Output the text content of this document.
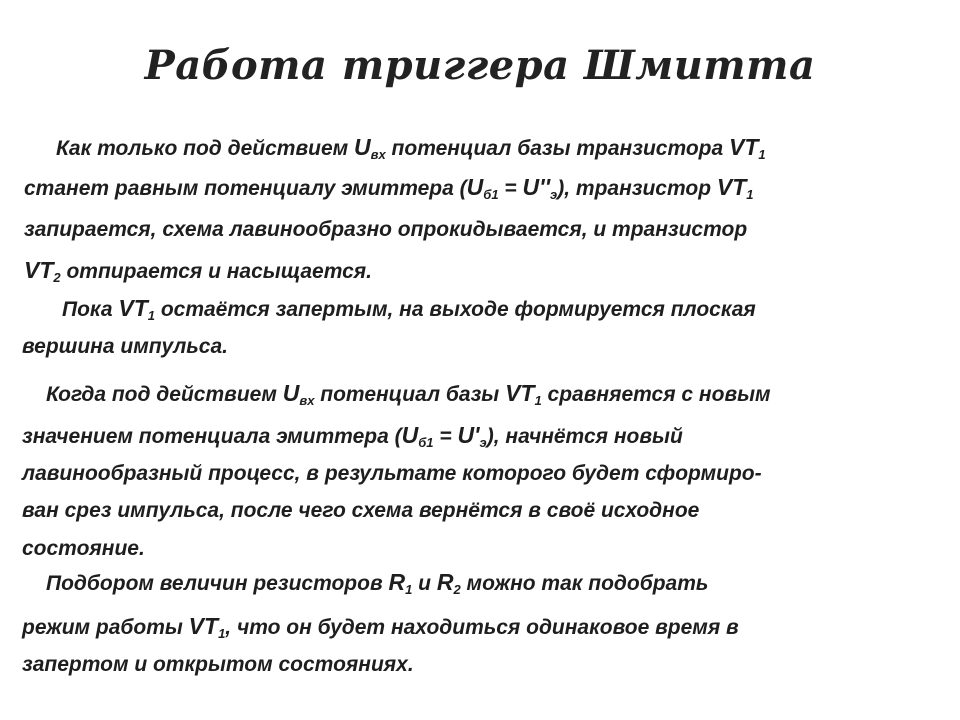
Работа триггера Шмитта
Как только под действием $U_{вх}$ потенциал базы транзистора $VT_1$
станет равным потенциалу эмиттера $(U_{б1} = U''_э)$, транзистор $VT_1$
запирается, схема лавинообразно опрокидывается, и транзистор
$VT_2$ отпирается и насыщается.
Пока $VT_1$ остаётся запертым, на выходе формируется плоская
вершина импульса.
Когда под действием $U_{вх}$ потенциал базы $VT_1$ сравняется с новым
значением потенциала эмиттера $(U_{б1} = U'_э)$, начнётся новый
лавинообразный процесс, в результате которого будет сформиро-
ван срез импульса, после чего схема вернётся в своё исходное
состояние.
Подбором величин резисторов $R_1$ и $R_2$ можно так подобрать
режим работы $VT_1$, что он будет находиться одинаковое время в
запертом и открытом состояниях.
